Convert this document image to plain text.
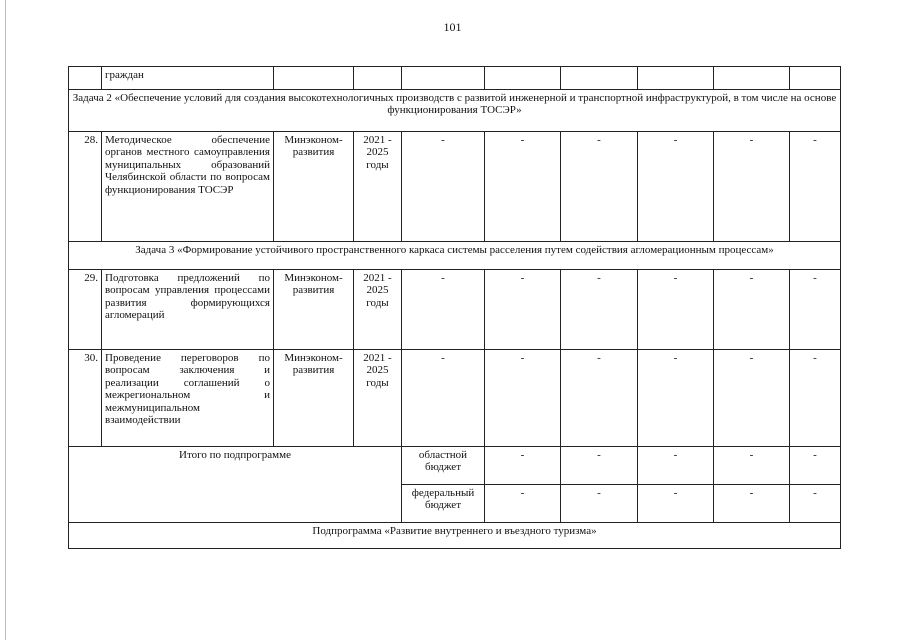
101
	граждан								
Задача 2 «Обеспечение условий для создания высокотехнологичных производств с развитой инженерной и транспортной инфраструктурой, в том числе на основе функционирования ТОСЭР»									
28.	Методическое обеспечение органов местного самоуправления муниципальных образований Челябинской области по вопросам функционирования ТОСЭР	Минэконом-развития	2021 - 2025 годы	-	-	-	-	-	-
Задача 3 «Формирование устойчивого пространственного каркаса системы расселения путем содействия агломерационным процессам»									
29.	Подготовка предложений по вопросам управления процессами развития формирующихся агломераций	Минэконом-развития	2021 - 2025 годы	-	-	-	-	-	-
30.	Проведение переговоров по вопросам заключения и реализации соглашений о межрегиональном и межмуниципальном взаимодействии	Минэконом-развития	2021 - 2025 годы	-	-	-	-	-	-
Итого по подпрограмме				областной бюджет	-	-	-	-	-
				федеральный бюджет	-	-	-	-	-
Подпрограмма «Развитие внутреннего и въездного туризма»									
